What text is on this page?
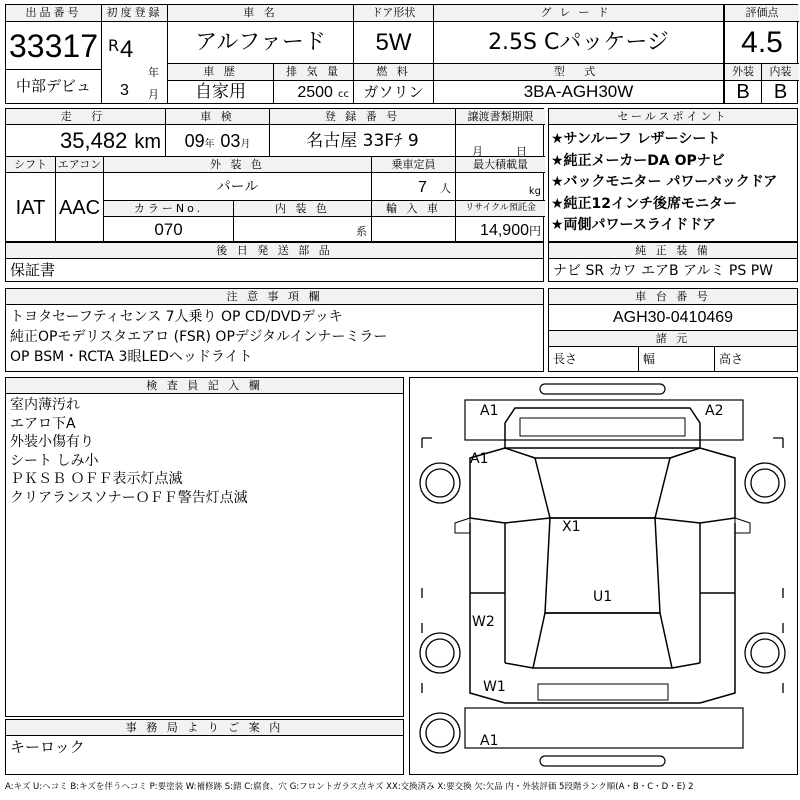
出品番号
33317
中部デビュ
初度登録
R 4
年
3 月
車 名
アルファード
ドア形状
5W
グレード
2.5S Cパッケージ
評価点
4.5
外装	内装
B	B
車 歴
自家用
排 気 量
2500 cc
燃 料
ガソリン
型 式
3BA-AGH30W
走 行
35,482 km
車 検
09年 03月
登 録 番 号
名古屋 33Fﾁ 9
譲渡書類期限
月	日
シフト
IAT
エアコン
AAC
外 装 色
パール
乗車定員
7 人
最大積載量
kg
カラーNo.
070
内 装 色
系
輸 入 車	リサイクル預託金
14,900円
後 日 発 送 部 品
保証書
セールスポイント
★サンルーフ レザーシート
★純正メーカーDA OPナビ
★バックモニター パワーバックドア
★純正12インチ後席モニター
★両側パワースライドドア
純 正 装 備
ナビ SR カワ エアB アルミ PS PW
注 意 事 項 欄
トヨタセーフティセンス 7人乗り OP CD/DVDデッキ
純正OPモデリスタエアロ (FSR) OPデジタルインナーミラー
OP BSM・RCTA 3眼LEDヘッドライト
車 台 番 号
AGH30-0410469
諸 元
長さ	幅	高さ
検 査 員 記 入 欄
室内薄汚れ
エアロ下A
外装小傷有り
シート しみ小
ＰＫＳＢ ＯＦＦ表示灯点滅
クリアランスソナーＯＦＦ警告灯点滅
事 務 局 よ り ご 案 内
キーロック
A1	A2
A1
X1
U1
W2
W1
A1
A:キズ U:ヘコミ B:キズを伴うヘコミ P:要塗装 W:補修跡 S:錆 C:腐食、穴 G:フロントガラス点キズ XX:交換済み X:要交換 欠:欠品 内・外装評価 5段階ランク順(A・B・C・D・E) 2
